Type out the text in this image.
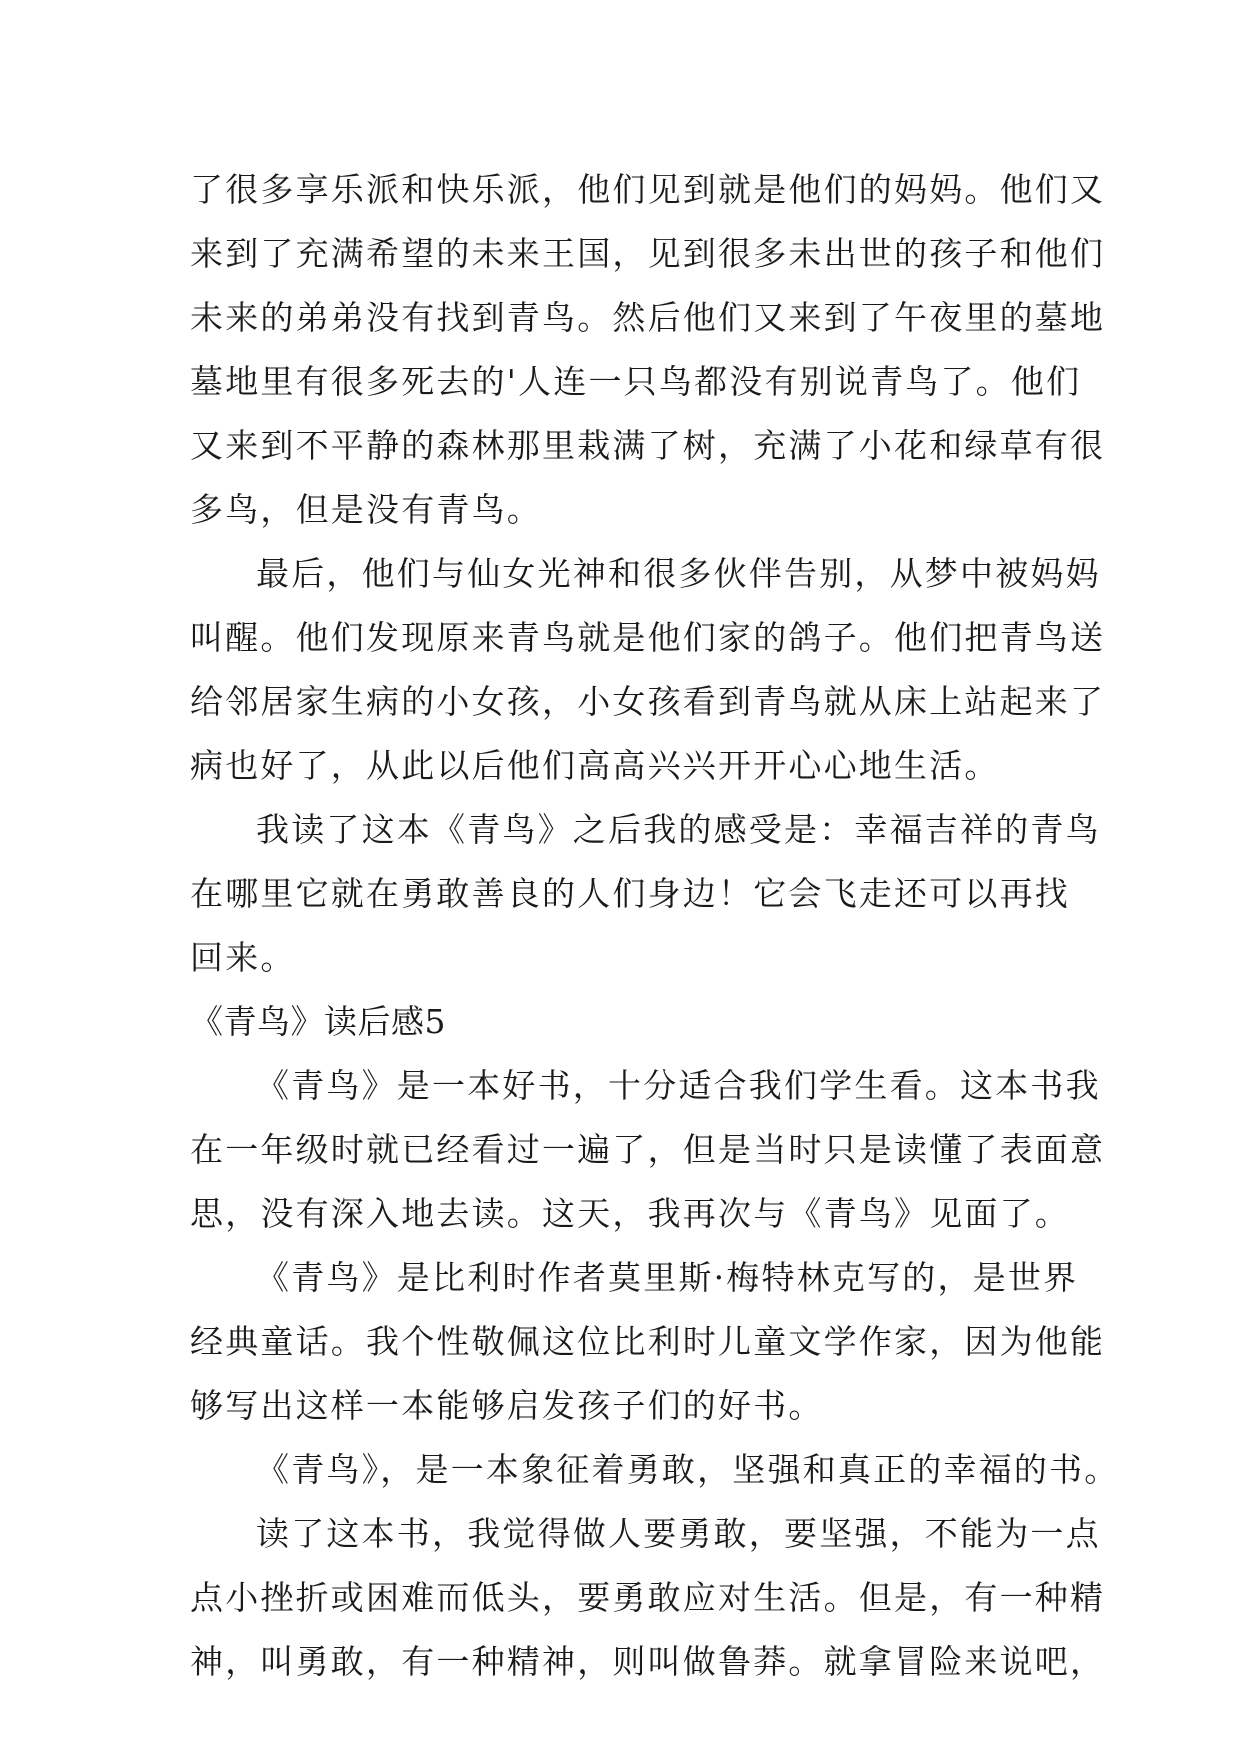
了很多享乐派和快乐派，他们见到就是他们的妈妈。他们又
来到了充满希望的未来王国，见到很多未出世的孩子和他们
未来的弟弟没有找到青鸟。然后他们又来到了午夜里的墓地
墓地里有很多死去的'人连一只鸟都没有别说青鸟了。他们
又来到不平静的森林那里栽满了树，充满了小花和绿草有很
多鸟，但是没有青鸟。
最后，他们与仙女光神和很多伙伴告别，从梦中被妈妈
叫醒。他们发现原来青鸟就是他们家的鸽子。他们把青鸟送
给邻居家生病的小女孩，小女孩看到青鸟就从床上站起来了
病也好了，从此以后他们高高兴兴开开心心地生活。
我读了这本《青鸟》之后我的感受是：幸福吉祥的青鸟
在哪里它就在勇敢善良的人们身边！它会飞走还可以再找
回来。
《青鸟》读后感5
《青鸟》是一本好书，十分适合我们学生看。这本书我
在一年级时就已经看过一遍了，但是当时只是读懂了表面意
思，没有深入地去读。这天，我再次与《青鸟》见面了。
《青鸟》是比利时作者莫里斯·梅特林克写的，是世界
经典童话。我个性敬佩这位比利时儿童文学作家，因为他能
够写出这样一本能够启发孩子们的好书。
《青鸟》，是一本象征着勇敢，坚强和真正的幸福的书。
读了这本书，我觉得做人要勇敢，要坚强，不能为一点
点小挫折或困难而低头，要勇敢应对生活。但是，有一种精
神，叫勇敢，有一种精神，则叫做鲁莽。就拿冒险来说吧，
